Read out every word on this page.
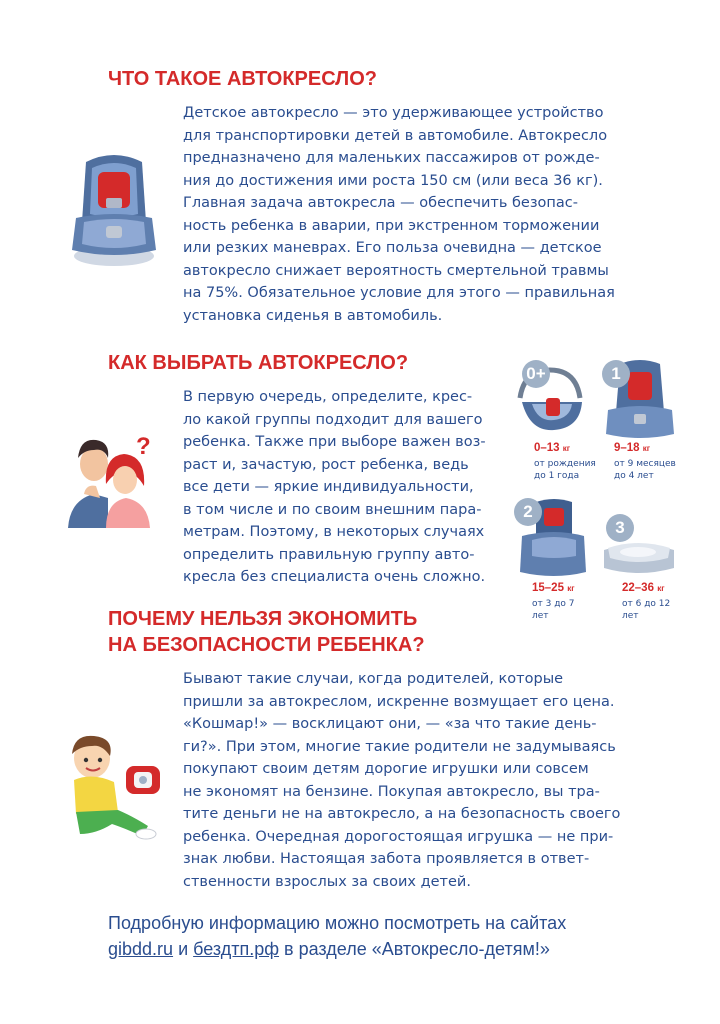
ЧТО ТАКОЕ АВТОКРЕСЛО?
Детское автокресло — это удерживающее устройство
для транспортировки детей в автомобиле. Автокресло
предназначено для маленьких пассажиров от рожде-
ния до достижения ими роста 150 см (или веса 36 кг).
Главная задача автокресла — обеспечить безопас-
ность ребенка в аварии, при экстренном торможении
или резких маневрах. Его польза очевидна — детское
автокресло снижает вероятность смертельной травмы
на 75%. Обязательное условие для этого — правильная
установка сиденья в автомобиль.
КАК ВЫБРАТЬ АВТОКРЕСЛО?
В первую очередь, определите, крес-
ло какой группы подходит для вашего
ребенка. Также при выборе важен воз-
раст и, зачастую, рост ребенка, ведь
все дети — яркие индивидуальности,
в том числе и по своим внешним пара-
метрам. Поэтому, в некоторых случаях
определить правильную группу авто-
кресла без специалиста очень сложно.
?
0+
0–13 кг
от рождения
до 1 года
1
9–18 кг
от 9 месяцев
до 4 лет
2
15–25 кг
от 3 до 7
лет
3
22–36 кг
от 6 до 12
лет
ПОЧЕМУ НЕЛЬЗЯ ЭКОНОМИТЬ
НА БЕЗОПАСНОСТИ РЕБЕНКА?
Бывают такие случаи, когда родителей, которые
пришли за автокреслом, искренне возмущает его цена.
«Кошмар!» — восклицают они, — «за что такие день-
ги?». При этом, многие такие родители не задумываясь
покупают своим детям дорогие игрушки или совсем
не экономят на бензине. Покупая автокресло, вы тра-
тите деньги не на автокресло, а на безопасность своего
ребенка. Очередная дорогостоящая игрушка — не при-
знак любви. Настоящая забота проявляется в ответ-
ственности взрослых за своих детей.
Подробную информацию можно посмотреть на сайтах
gibdd.ru и бездтп.рф в разделе «Автокресло-детям!»
